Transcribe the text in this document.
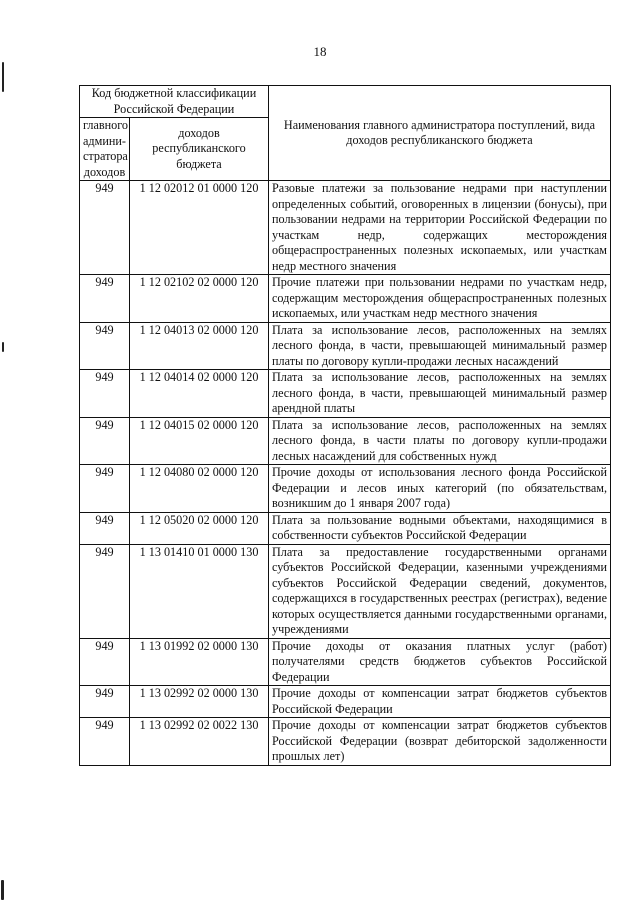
18
Код бюджетной классификации Российской Федерации		Наименования главного администратора поступлений, вида доходов республиканского бюджета
главного админи-стратора доходов	доходов республиканского бюджета	
949	1 12 02012 01 0000 120	Разовые платежи за пользование недрами при наступлении определенных событий, оговоренных в лицензии (бонусы), при пользовании недрами на территории Российской Федерации по участкам недр, содержащих месторождения общераспространенных полезных ископаемых, или участкам недр местного значения
949	1 12 02102 02 0000 120	Прочие платежи при пользовании недрами по участкам недр, содержащим месторождения общераспространенных полезных ископаемых, или участкам недр местного значения
949	1 12 04013 02 0000 120	Плата за использование лесов, расположенных на землях лесного фонда, в части, превышающей минимальный размер платы по договору купли-продажи лесных насаждений
949	1 12 04014 02 0000 120	Плата за использование лесов, расположенных на землях лесного фонда, в части, превышающей минимальный размер арендной платы
949	1 12 04015 02 0000 120	Плата за использование лесов, расположенных на землях лесного фонда, в части платы по договору купли-продажи лесных насаждений для собственных нужд
949	1 12 04080 02 0000 120	Прочие доходы от использования лесного фонда Российской Федерации и лесов иных категорий (по обязательствам, возникшим до 1 января 2007 года)
949	1 12 05020 02 0000 120	Плата за пользование водными объектами, находящимися в собственности субъектов Российской Федерации
949	1 13 01410 01 0000 130	Плата за предоставление государственными органами субъектов Российской Федерации, казенными учреждениями субъектов Российской Федерации сведений, документов, содержащихся в государственных реестрах (регистрах), ведение которых осуществляется данными государственными органами, учреждениями
949	1 13 01992 02 0000 130	Прочие доходы от оказания платных услуг (работ) получателями средств бюджетов субъектов Российской Федерации
949	1 13 02992 02 0000 130	Прочие доходы от компенсации затрат бюджетов субъектов Российской Федерации
949	1 13 02992 02 0022 130	Прочие доходы от компенсации затрат бюджетов субъектов Российской Федерации (возврат дебиторской задолженности прошлых лет)
